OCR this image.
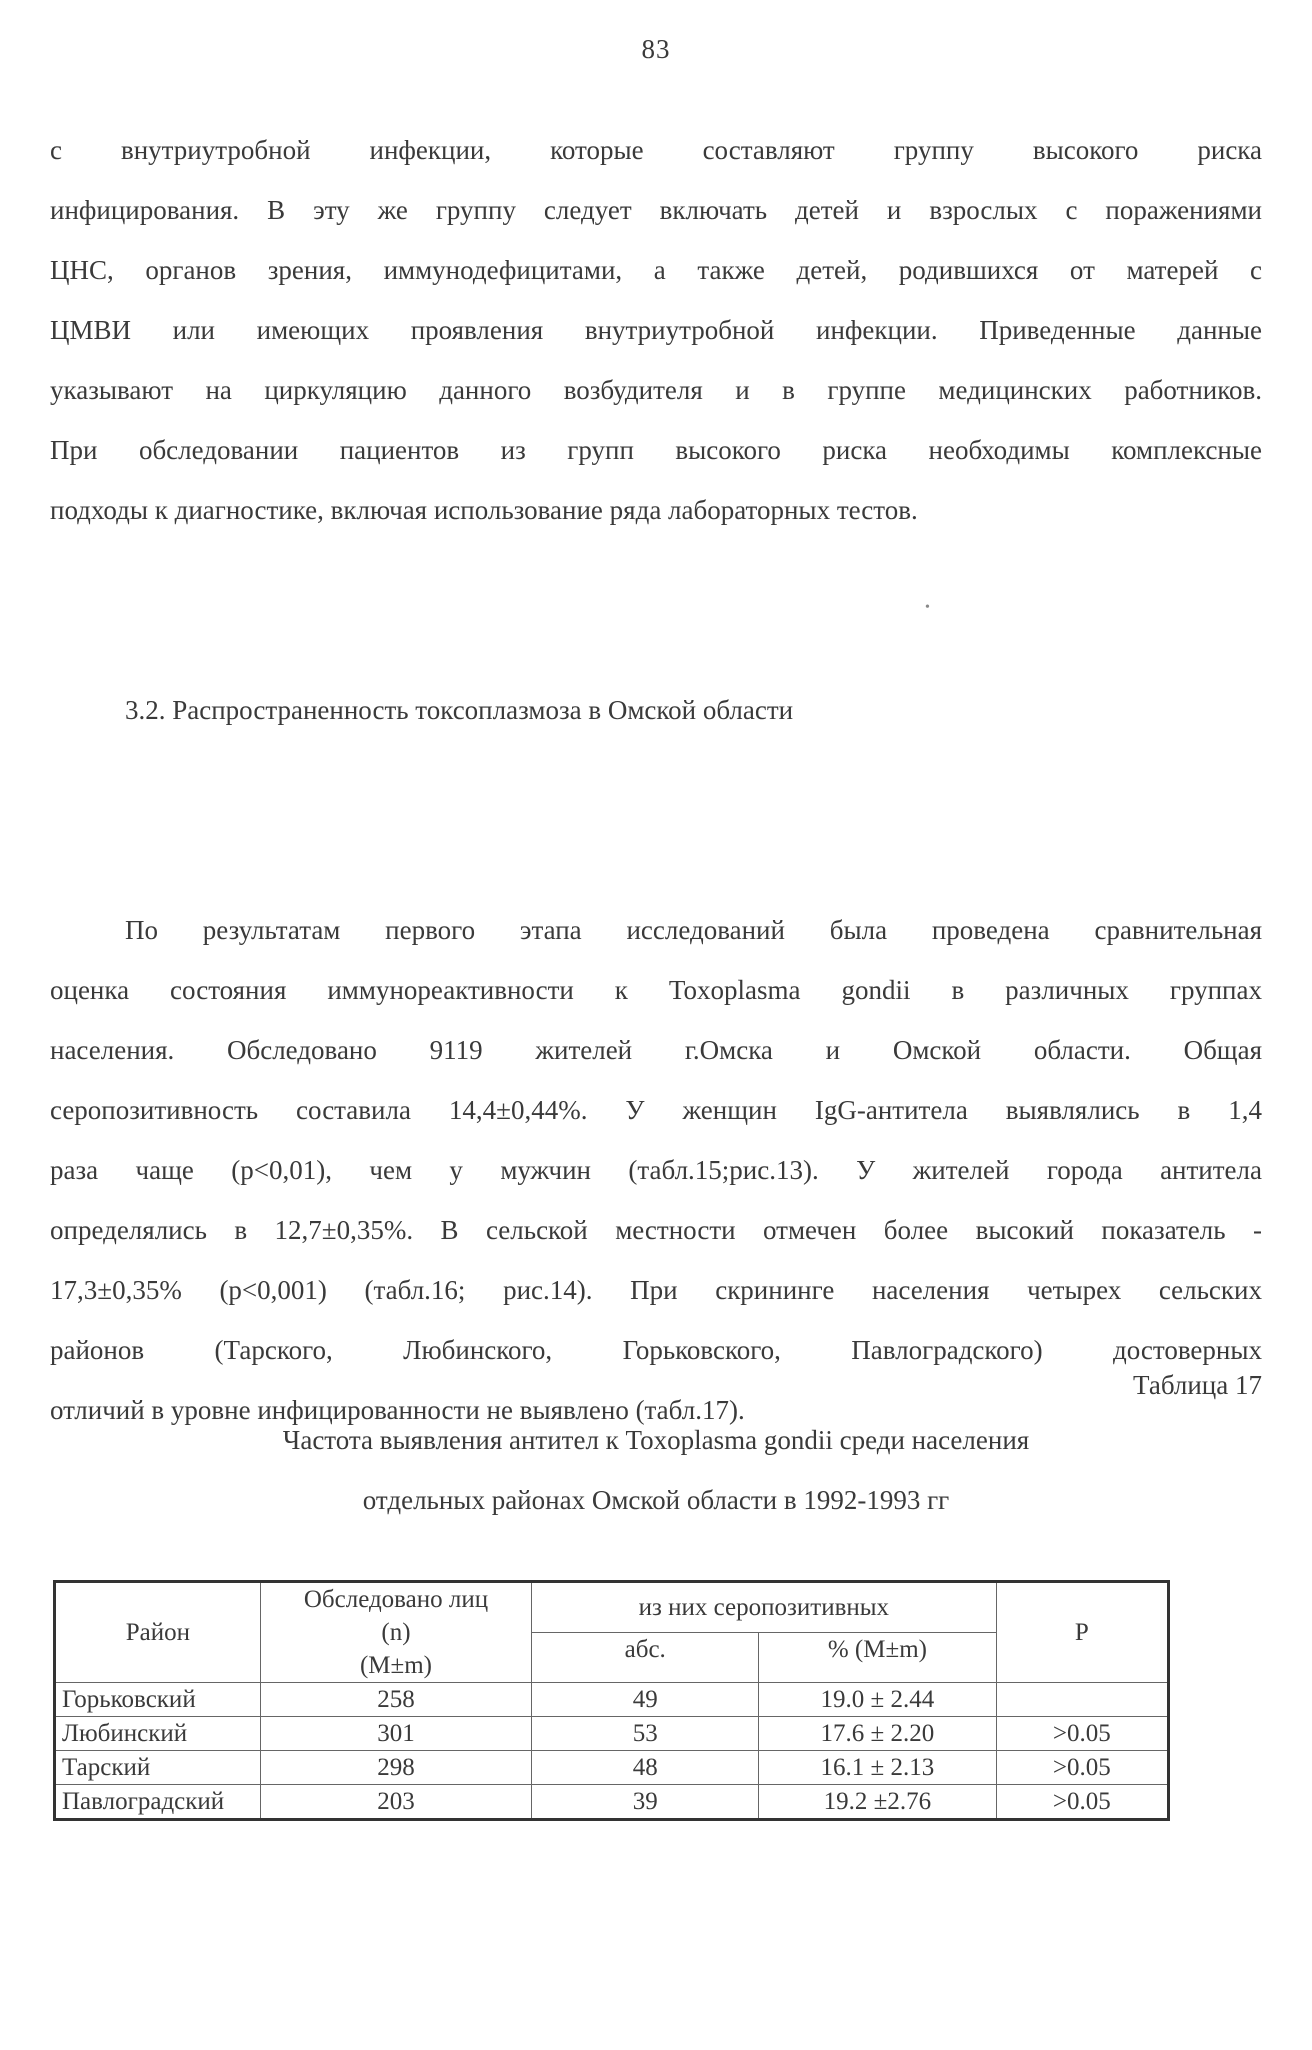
83
с внутриутробной инфекции, которые составляют группу высокого риска
инфицирования. В эту же группу следует включать детей и взрослых с поражениями
ЦНС, органов зрения, иммунодефицитами, а также детей, родившихся от матерей с
ЦМВИ или имеющих проявления внутриутробной инфекции. Приведенные данные
указывают на циркуляцию данного возбудителя и в группе медицинских работников.
При обследовании пациентов из групп высокого риска необходимы комплексные
подходы к диагностике, включая использование ряда лабораторных тестов.
•
3.2. Распространенность токсоплазмоза в Омской области
По результатам первого этапа исследований была проведена сравнительная
оценка состояния иммунореактивности к Toxoplasma gondii в различных группах
населения. Обследовано 9119 жителей г.Омска и Омской области. Общая
серопозитивность составила 14,4±0,44%. У женщин IgG-антитела выявлялись в 1,4
раза чаще (р<0,01), чем у мужчин (табл.15;рис.13). У жителей города антитела
определялись в 12,7±0,35%. В сельской местности отмечен более высокий показатель -
17,3±0,35% (р<0,001) (табл.16; рис.14). При скрининге населения четырех сельских
районов (Тарского, Любинского, Горьковского, Павлоградского) достоверных
отличий в уровне инфицированности не выявлено (табл.17).
Таблица 17
Частота выявления антител к Toxoplasma gondii среди населения
отдельных районах Омской области в 1992-1993 гг
Район	Обследовано лиц
(n)
(M±m)	из них серопозитивных		P
		абс.	% (M±m)	
Горьковский	258	49	19.0 ± 2.44	
Любинский	301	53	17.6 ± 2.20	>0.05
Тарский	298	48	16.1 ± 2.13	>0.05
Павлоградский	203	39	19.2 ±2.76	>0.05
